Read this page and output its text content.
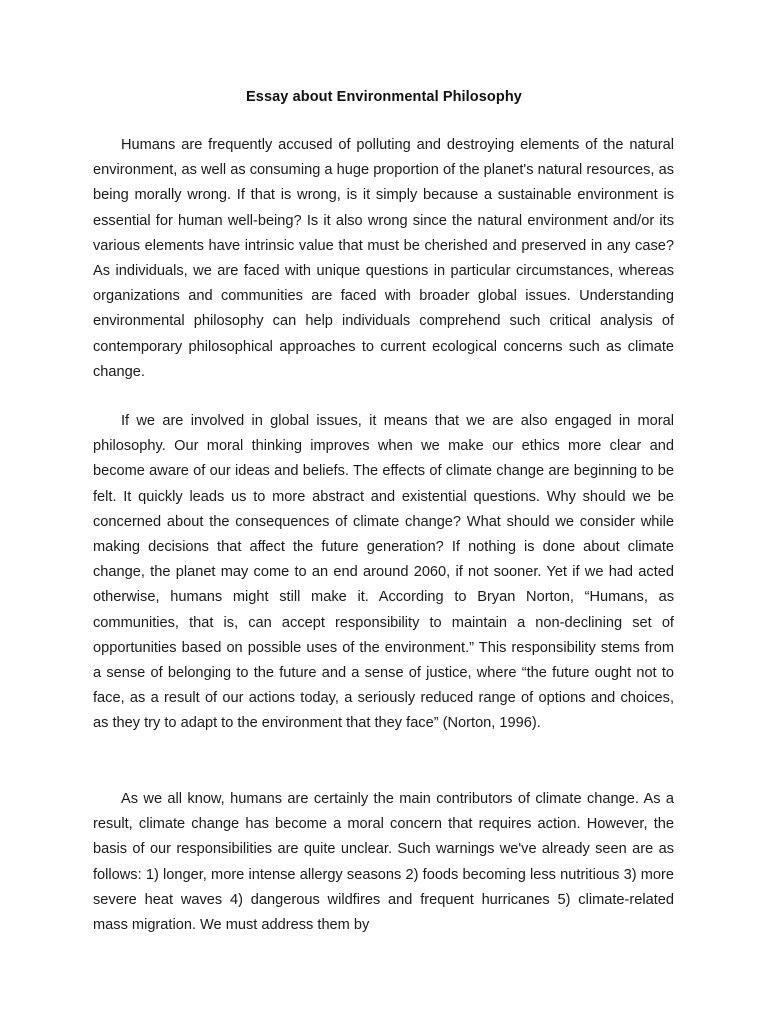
Essay about Environmental Philosophy

Humans are frequently accused of polluting and destroying elements of the natural environment, as well as consuming a huge proportion of the planet's natural resources, as being morally wrong. If that is wrong, is it simply because a sustainable environment is essential for human well-being? Is it also wrong since the natural environment and/or its various elements have intrinsic value that must be cherished and preserved in any case? As individuals, we are faced with unique questions in particular circumstances, whereas organizations and communities are faced with broader global issues. Understanding environmental philosophy can help individuals comprehend such critical analysis of contemporary philosophical approaches to current ecological concerns such as climate change.

If we are involved in global issues, it means that we are also engaged in moral philosophy. Our moral thinking improves when we make our ethics more clear and become aware of our ideas and beliefs. The effects of climate change are beginning to be felt. It quickly leads us to more abstract and existential questions. Why should we be concerned about the consequences of climate change? What should we consider while making decisions that affect the future generation? If nothing is done about climate change, the planet may come to an end around 2060, if not sooner. Yet if we had acted otherwise, humans might still make it. According to Bryan Norton, “Humans, as communities, that is, can accept responsibility to maintain a non-declining set of opportunities based on possible uses of the environment.” This responsibility stems from a sense of belonging to the future and a sense of justice, where “the future ought not to face, as a result of our actions today, a seriously reduced range of options and choices, as they try to adapt to the environment that they face” (Norton, 1996).

As we all know, humans are certainly the main contributors of climate change. As a result, climate change has become a moral concern that requires action. However, the basis of our responsibilities are quite unclear. Such warnings we've already seen are as follows: 1) longer, more intense allergy seasons 2) foods becoming less nutritious 3) more severe heat waves 4) dangerous wildfires and frequent hurricanes 5) climate-related mass migration. We must address them by
